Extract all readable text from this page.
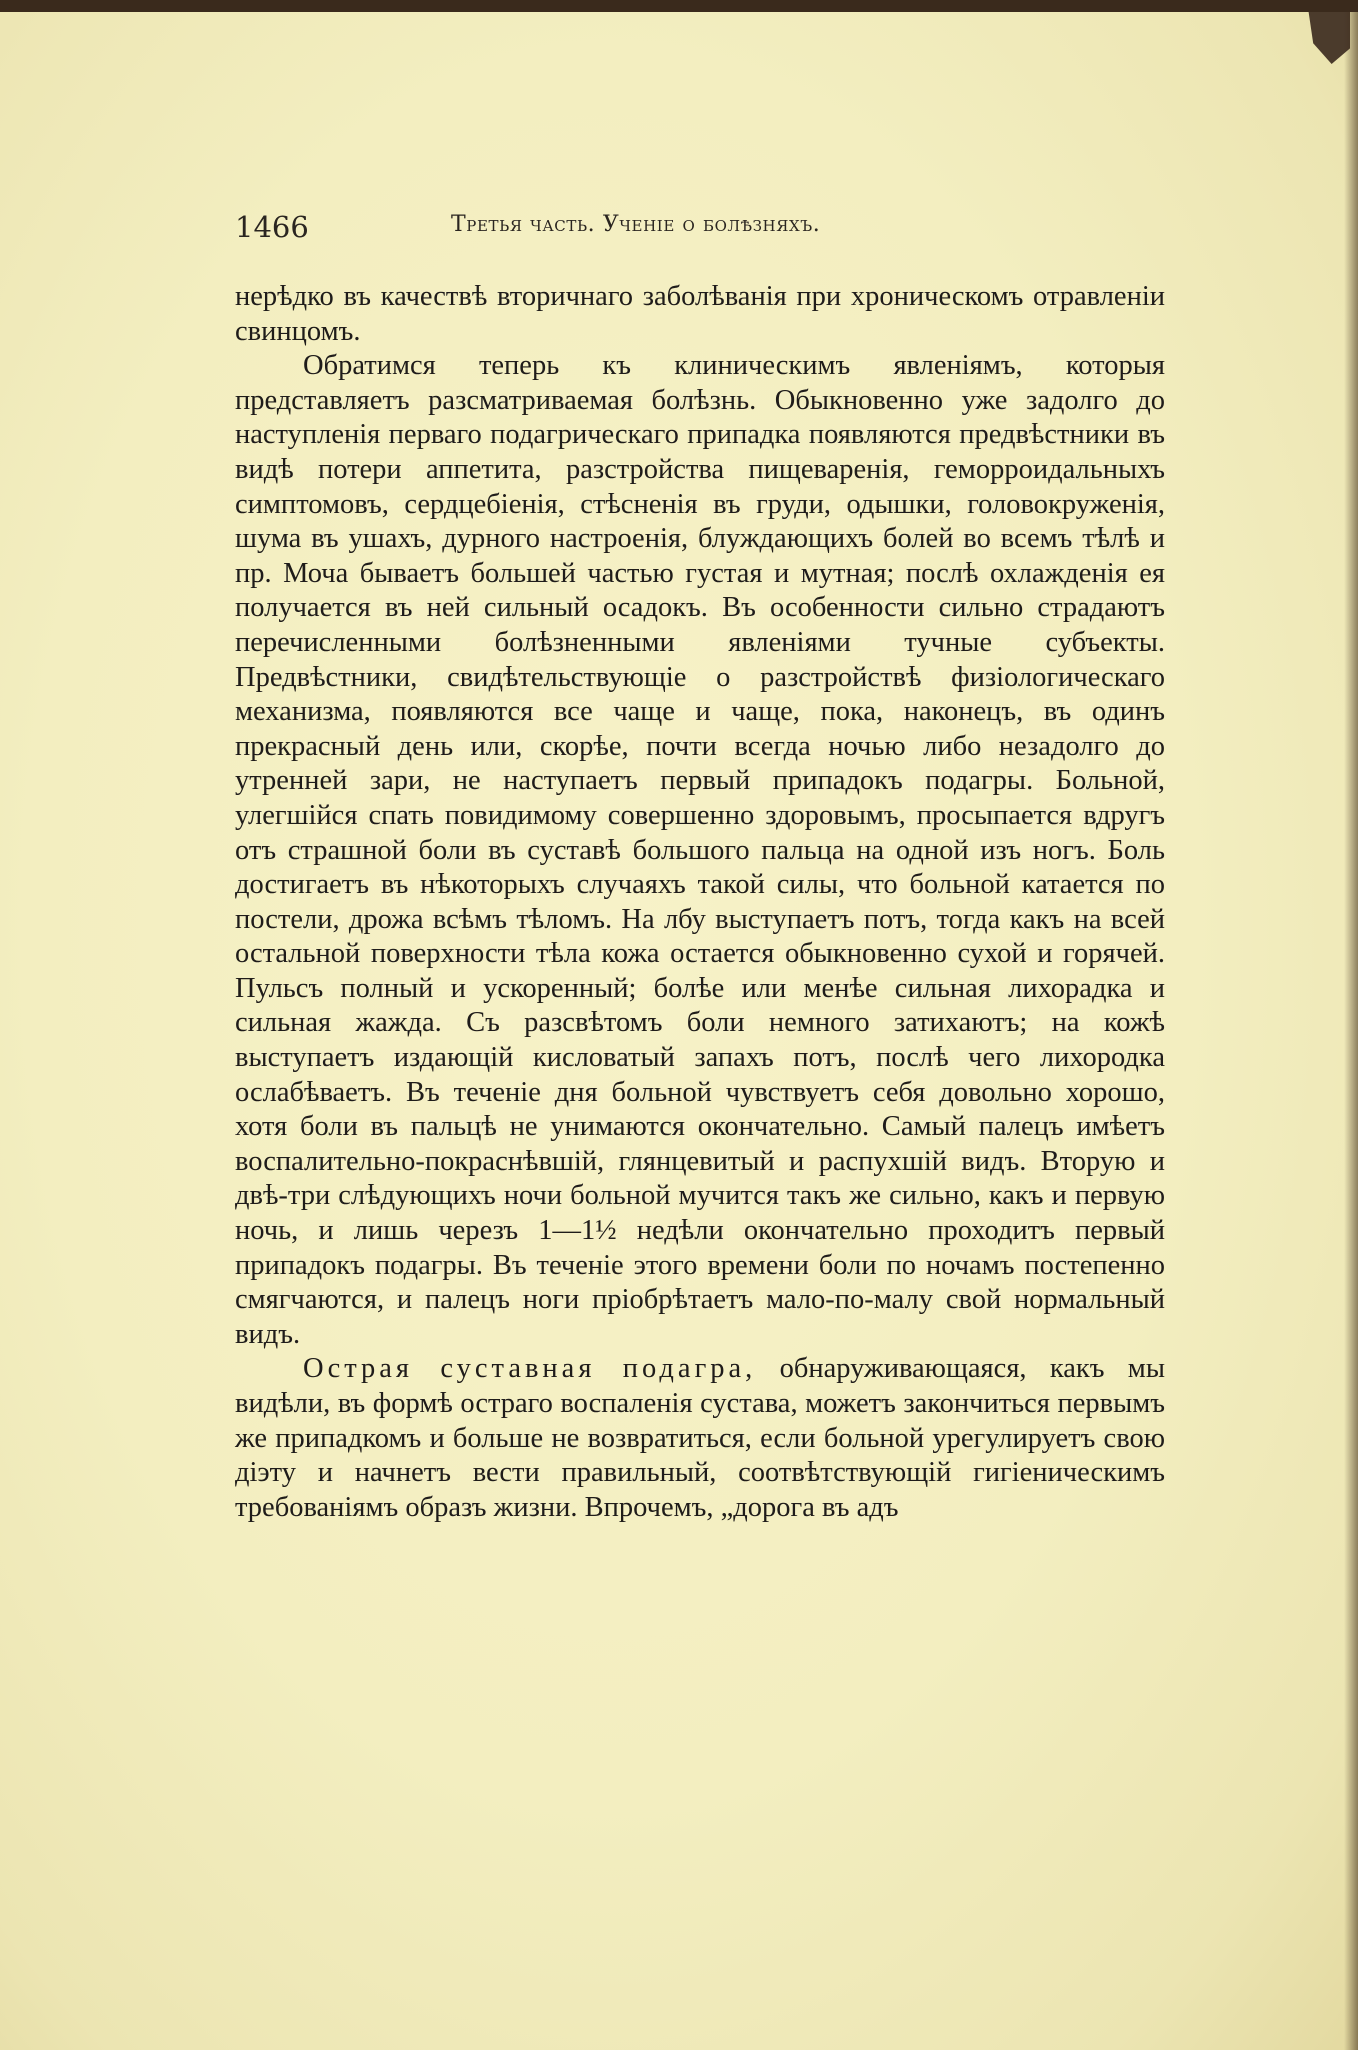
1466	Третья часть. Ученіе о болѣзняхъ.

нерѣдко въ качествѣ вторичнаго заболѣванія при хроническомъ отравленіи свинцомъ.

Обратимся теперь къ клиническимъ явленіямъ, которыя представляетъ разсматриваемая болѣзнь. Обыкновенно уже задолго до наступленія перваго подагрическаго припадка появляются предвѣстники въ видѣ потери аппетита, разстройства пищеваренія, геморроидальныхъ симптомовъ, сердцебіенія, стѣсненія въ груди, одышки, головокруженія, шума въ ушахъ, дурного настроенія, блуждающихъ болей во всемъ тѣлѣ и пр. Моча бываетъ большей частью густая и мутная; послѣ охлажденія ея получается въ ней сильный осадокъ. Въ особенности сильно страдаютъ перечисленными болѣзненными явленіями тучные субъекты. Предвѣстники, свидѣтельствующіе о разстройствѣ физіологическаго механизма, появляются все чаще и чаще, пока, наконецъ, въ одинъ прекрасный день или, скорѣе, почти всегда ночью либо незадолго до утренней зари, не наступаетъ первый припадокъ подагры. Больной, улегшійся спать повидимому совершенно здоровымъ, просыпается вдругъ отъ страшной боли въ суставѣ большого пальца на одной изъ ногъ. Боль достигаетъ въ нѣкоторыхъ случаяхъ такой силы, что больной катается по постели, дрожа всѣмъ тѣломъ. На лбу выступаетъ потъ, тогда какъ на всей остальной поверхности тѣла кожа остается обыкновенно сухой и горячей. Пульсъ полный и ускоренный; болѣе или менѣе сильная лихорадка и сильная жажда. Съ разсвѣтомъ боли немного затихаютъ; на кожѣ выступаетъ издающій кисловатый запахъ потъ, послѣ чего лихородка ослабѣваетъ. Въ теченіе дня больной чувствуетъ себя довольно хорошо, хотя боли въ пальцѣ не унимаются окончательно. Самый палецъ имѣетъ воспалительно-покраснѣвшій, глянцевитый и распухшій видъ. Вторую и двѣ-три слѣдующихъ ночи больной мучится такъ же сильно, какъ и первую ночь, и лишь черезъ 1—1½ недѣли окончательно проходитъ первый припадокъ подагры. Въ теченіе этого времени боли по ночамъ постепенно смягчаются, и палецъ ноги пріобрѣтаетъ мало-по-малу свой нормальный видъ.

Острая суставная подагра, обнаруживающаяся, какъ мы видѣли, въ формѣ остраго воспаленія сустава, можетъ закончиться первымъ же припадкомъ и больше не возвратиться, если больной урегулируетъ свою діэту и начнетъ вести правильный, соотвѣтствующій гигіеническимъ требованіямъ образъ жизни. Впрочемъ, „дорога въ адъ
